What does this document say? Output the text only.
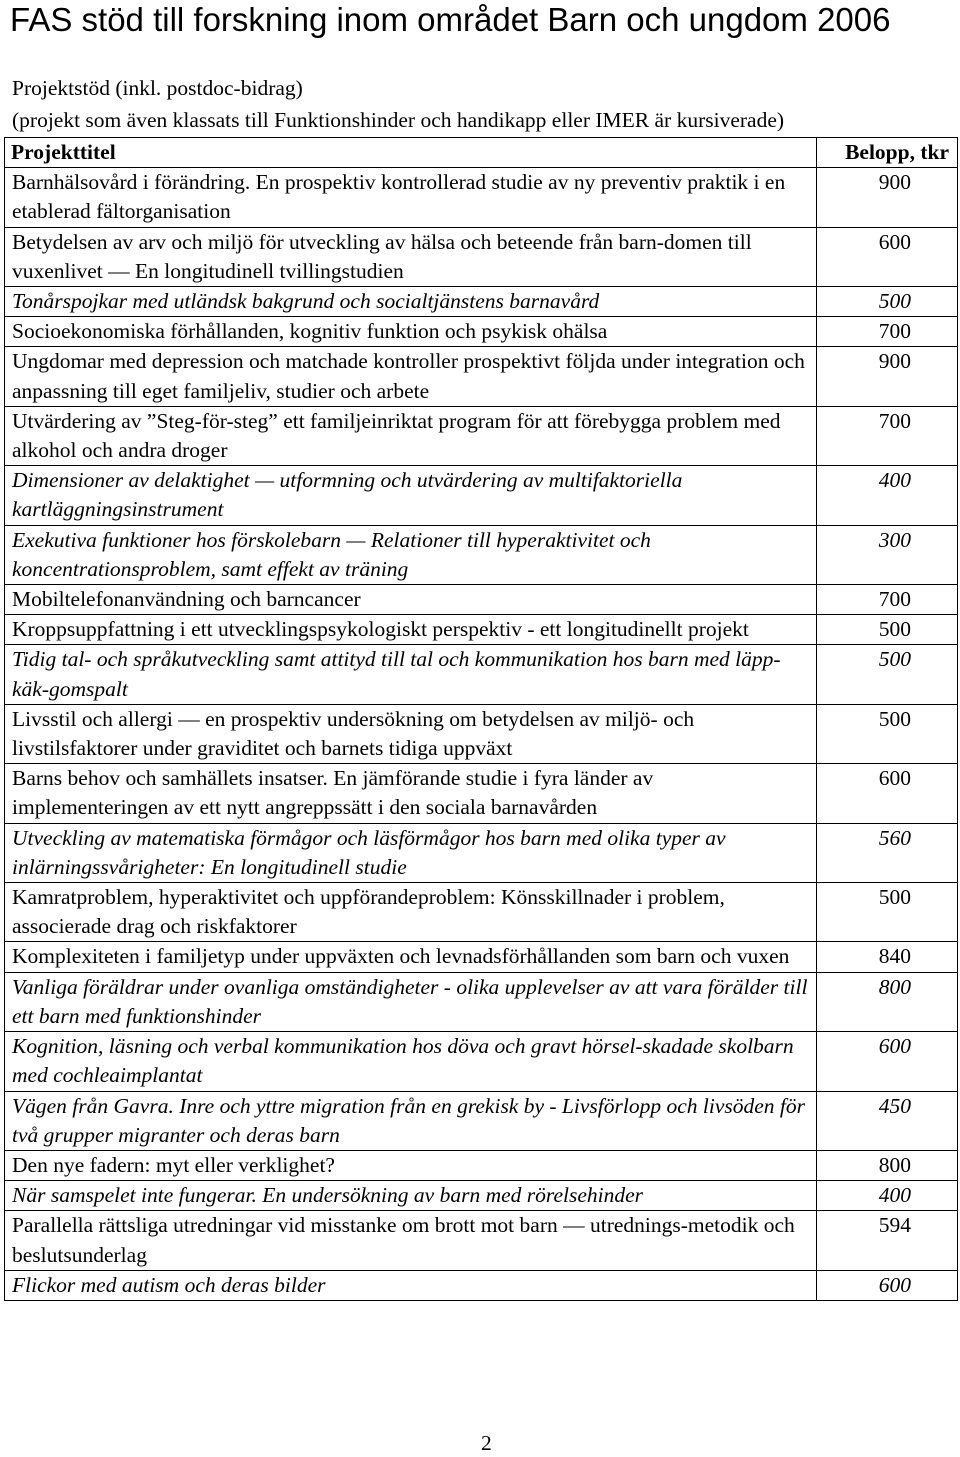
FAS stöd till forskning inom området Barn och ungdom 2006
Projektstöd (inkl. postdoc-bidrag)
(projekt som även klassats till Funktionshinder och handikapp eller IMER är kursiverade)
Projekttitel	Belopp, tkr
Barnhälsovård i förändring. En prospektiv kontrollerad studie av ny preventiv praktik i en etablerad fältorganisation	900
Betydelsen av arv och miljö för utveckling av hälsa och beteende från barn-domen till vuxenlivet — En longitudinell tvillingstudien	600
Tonårspojkar med utländsk bakgrund och socialtjänstens barnavård	500
Socioekonomiska förhållanden, kognitiv funktion och psykisk ohälsa	700
Ungdomar med depression och matchade kontroller prospektivt följda under integration och anpassning till eget familjeliv, studier och arbete	900
Utvärdering av ”Steg-för-steg” ett familjeinriktat program för att förebygga problem med alkohol och andra droger	700
Dimensioner av delaktighet — utformning och utvärdering av multifaktoriella kartläggningsinstrument	400
Exekutiva funktioner hos förskolebarn — Relationer till hyperaktivitet och koncentrationsproblem, samt effekt av träning	300
Mobiltelefonanvändning och barncancer	700
Kroppsuppfattning i ett utvecklingspsykologiskt perspektiv - ett longitudinellt projekt	500
Tidig tal- och språkutveckling samt attityd till tal och kommunikation hos barn med läpp-käk-gomspalt	500
Livsstil och allergi — en prospektiv undersökning om betydelsen av miljö- och livstilsfaktorer under graviditet och barnets tidiga uppväxt	500
Barns behov och samhällets insatser. En jämförande studie i fyra länder av implementeringen av ett nytt angreppssätt i den sociala barnavården	600
Utveckling av matematiska förmågor och läsförmågor hos barn med olika typer av inlärningssvårigheter: En longitudinell studie	560
Kamratproblem, hyperaktivitet och uppförandeproblem: Könsskillnader i problem, associerade drag och riskfaktorer	500
Komplexiteten i familjetyp under uppväxten och levnadsförhållanden som barn och vuxen	840
Vanliga föräldrar under ovanliga omständigheter - olika upplevelser av att vara förälder till ett barn med funktionshinder	800
Kognition, läsning och verbal kommunikation hos döva och gravt hörsel-skadade skolbarn med cochleaimplantat	600
Vägen från Gavra. Inre och yttre migration från en grekisk by - Livsförlopp och livsöden för två grupper migranter och deras barn	450
Den nye fadern: myt eller verklighet?	800
När samspelet inte fungerar. En undersökning av barn med rörelsehinder	400
Parallella rättsliga utredningar vid misstanke om brott mot barn — utrednings-metodik och beslutsunderlag	594
Flickor med autism och deras bilder	600
2
